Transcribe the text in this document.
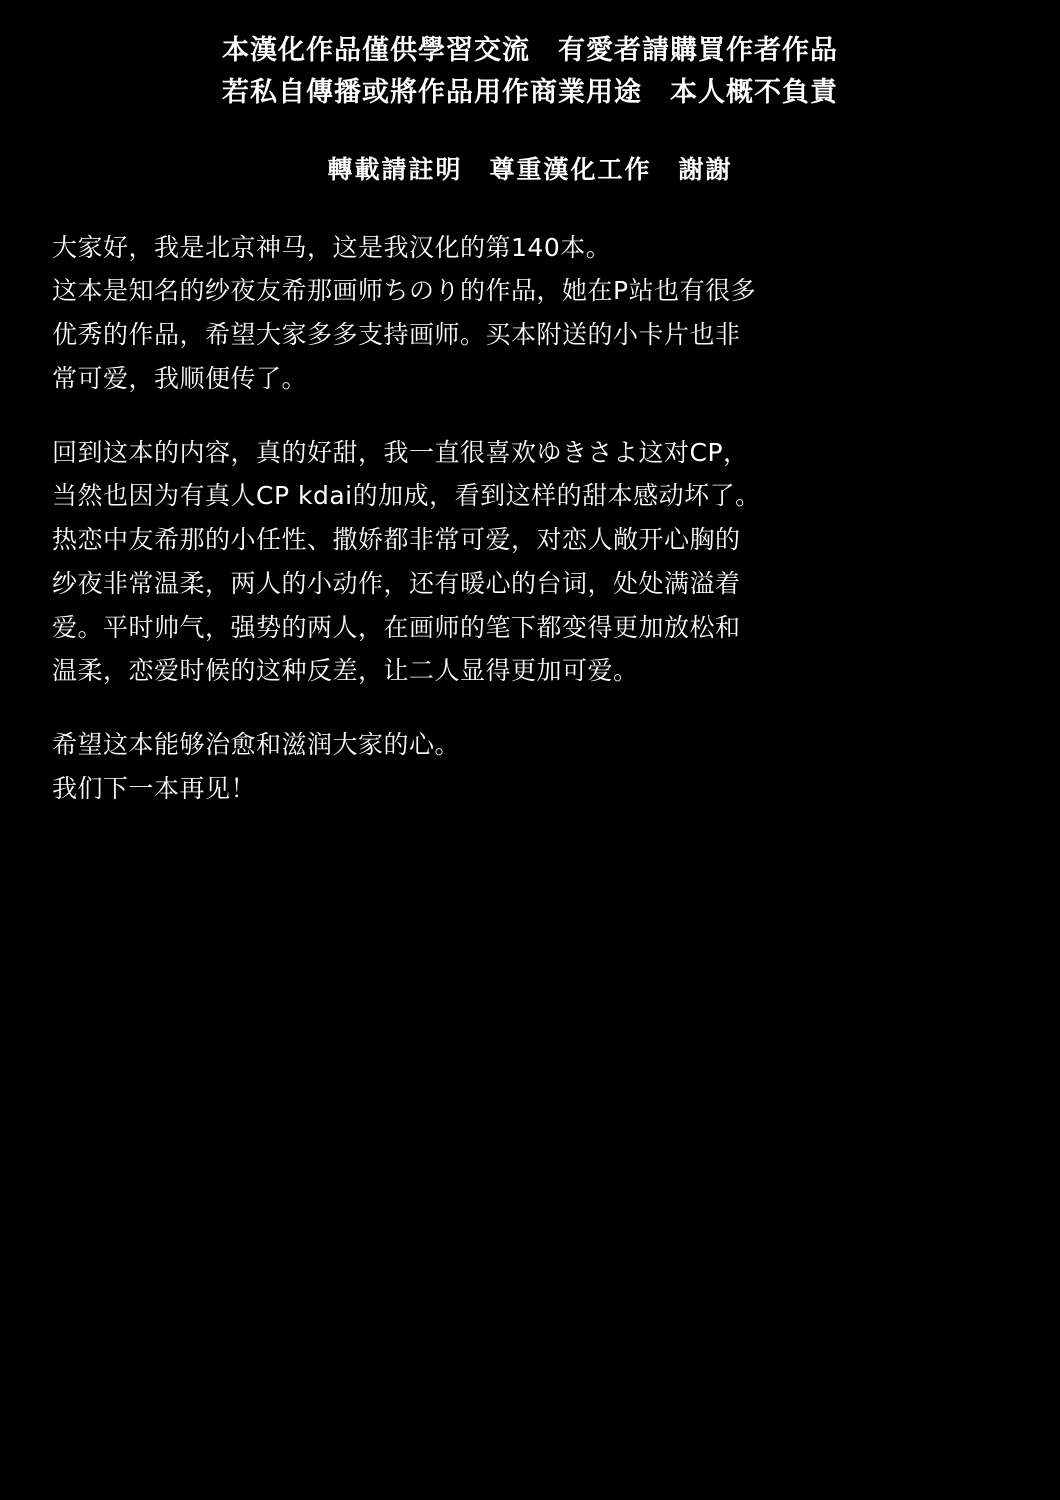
本漢化作品僅供學習交流　有愛者請購買作者作品
若私自傳播或將作品用作商業用途　本人概不負責
轉載請註明　尊重漢化工作　謝謝
大家好，我是北京神马，这是我汉化的第140本。
这本是知名的纱夜友希那画师ちのり的作品，她在P站也有很多
优秀的作品，希望大家多多支持画师。买本附送的小卡片也非
常可爱，我顺便传了。
回到这本的内容，真的好甜，我一直很喜欢ゆきさよ这对CP，
当然也因为有真人CP kdai的加成，看到这样的甜本感动坏了。
热恋中友希那的小任性、撒娇都非常可爱，对恋人敞开心胸的
纱夜非常温柔，两人的小动作，还有暖心的台词，处处满溢着
爱。平时帅气，强势的两人，在画师的笔下都变得更加放松和
温柔，恋爱时候的这种反差，让二人显得更加可爱。
希望这本能够治愈和滋润大家的心。
我们下一本再见！
